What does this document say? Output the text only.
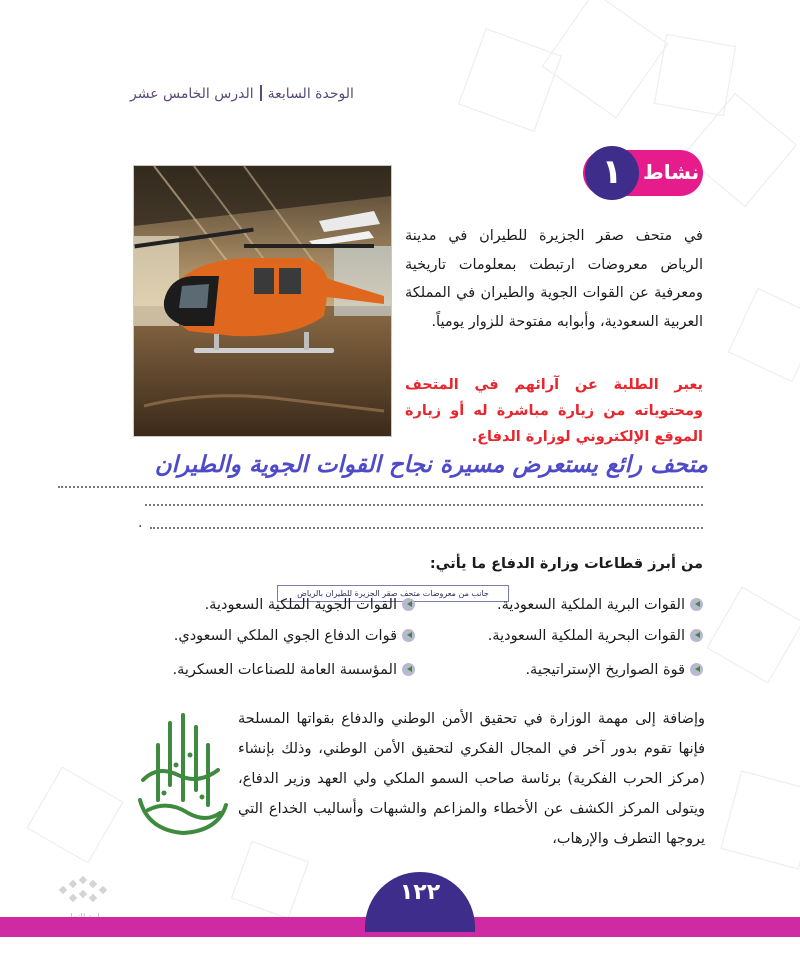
الوحدة السابعةالدرس الخامس عشر
جانب من معروضات متحف صقر الجزيرة للطيران بالرياض
١	نشاط
في متحف صقر الجزيرة للطيران في مدينة الرياض معروضات ارتبطت بمعلومات تاريخية ومعرفية عن القوات الجوية والطيران في المملكة العربية السعودية، وأبوابه مفتوحة للزوار يومياً.
يعبر الطلبة عن آرائهم في المتحف ومحتوياته من زيارة مباشرة له أو زيارة الموقع الإلكتروني لوزارة الدفاع.
متحف رائع يستعرض مسيرة نجاح القوات الجوية والطيران
.
من أبرز قطاعات وزارة الدفاع ما يأتي:
القوات البرية الملكية السعودية.
القوات البحرية الملكية السعودية.
قوة الصواريخ الإستراتيجية.
القوات الجوية الملكية السعودية.
قوات الدفاع الجوي الملكي السعودي.
المؤسسة العامة للصناعات العسكرية.
وإضافة إلى مهمة الوزارة في تحقيق الأمن الوطني والدفاع بقواتها المسلحة فإنها تقوم بدور آخر في المجال الفكري لتحقيق الأمن الوطني، وذلك بإنشاء (مركز الحرب الفكرية) برئاسة صاحب السمو الملكي ولي العهد وزير الدفاع، ويتولى المركز الكشف عن الأخطاء والمزاعم والشبهات وأساليب الخداع التي يروجها التطرف والإرهاب،
١٢٢
